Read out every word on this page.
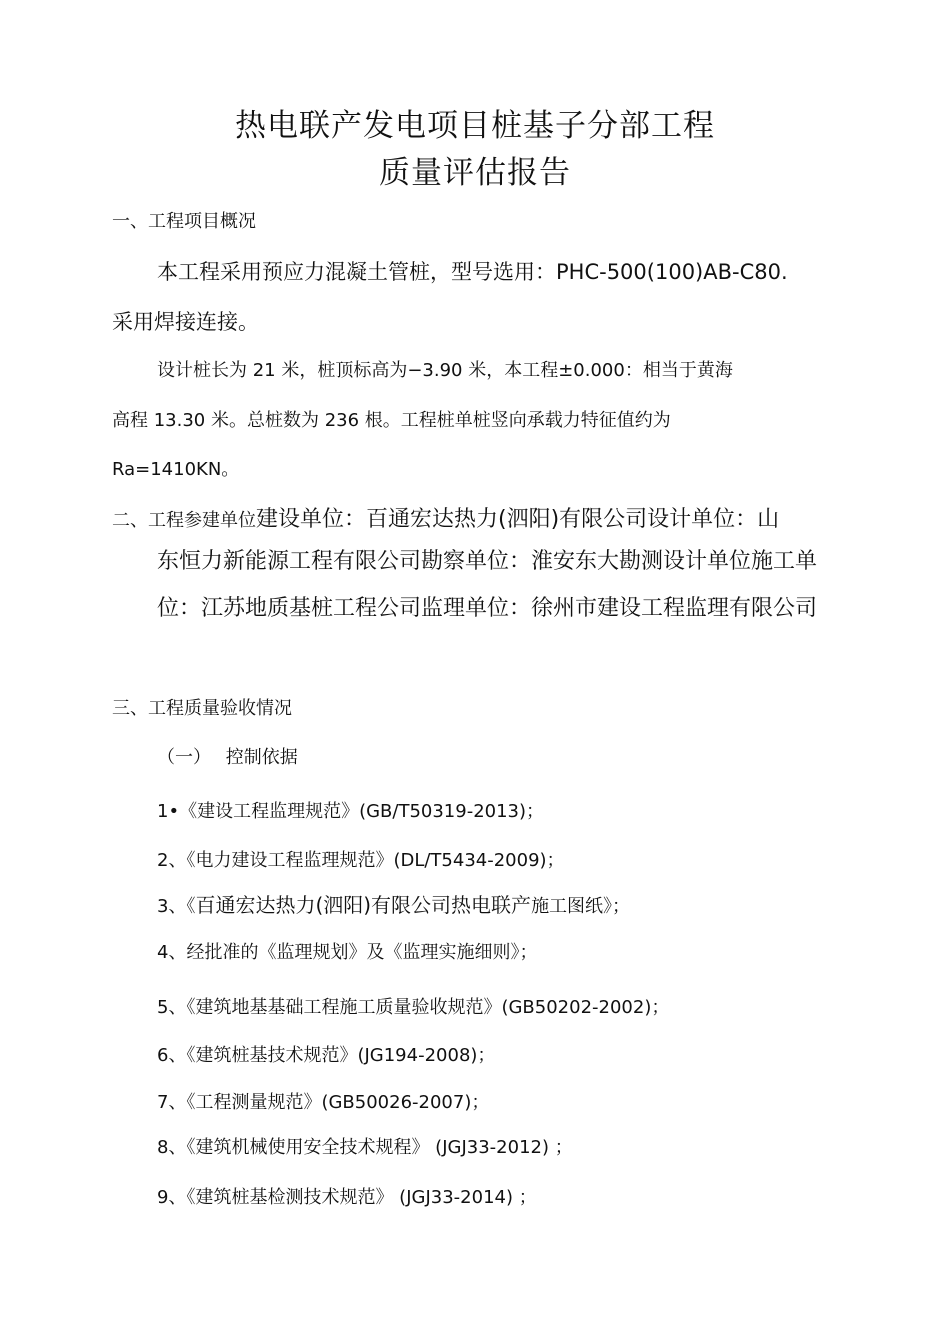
热电联产发电项目桩基子分部工程
质量评估报告
一、工程项目概况
本工程采用预应力混凝土管桩，型号选用：PHC-500(100)AB-C80.
采用焊接连接。
设计桩长为 21 米，桩顶标高为−3.90 米，本工程±0.000：相当于黄海
高程 13.30 米。总桩数为 236 根。工程桩单桩竖向承载力特征值约为
Ra=1410KN。
二、工程参建单位建设单位：百通宏达热力(泗阳)有限公司设计单位：山
东恒力新能源工程有限公司勘察单位：淮安东大勘测设计单位施工单位：江苏地质基桩工程公司监理单位：徐州市建设工程监理有限公司
三、工程质量验收情况
（一）　 控制依据
1•《建设工程监理规范》(GB/T50319-2013)；
2、《电力建设工程监理规范》(DL/T5434-2009)；
3、《百通宏达热力(泗阳)有限公司热电联产施工图纸》；
4、经批准的《监理规划》及《监理实施细则》；
5、《建筑地基基础工程施工质量验收规范》(GB50202-2002)；
6、《建筑桩基技术规范》(JG194-2008)；
7、《工程测量规范》(GB50026-2007)；
8、《建筑机械使用安全技术规程》 (JGJ33-2012) ；
9、《建筑桩基检测技术规范》 (JGJ33-2014) ；
